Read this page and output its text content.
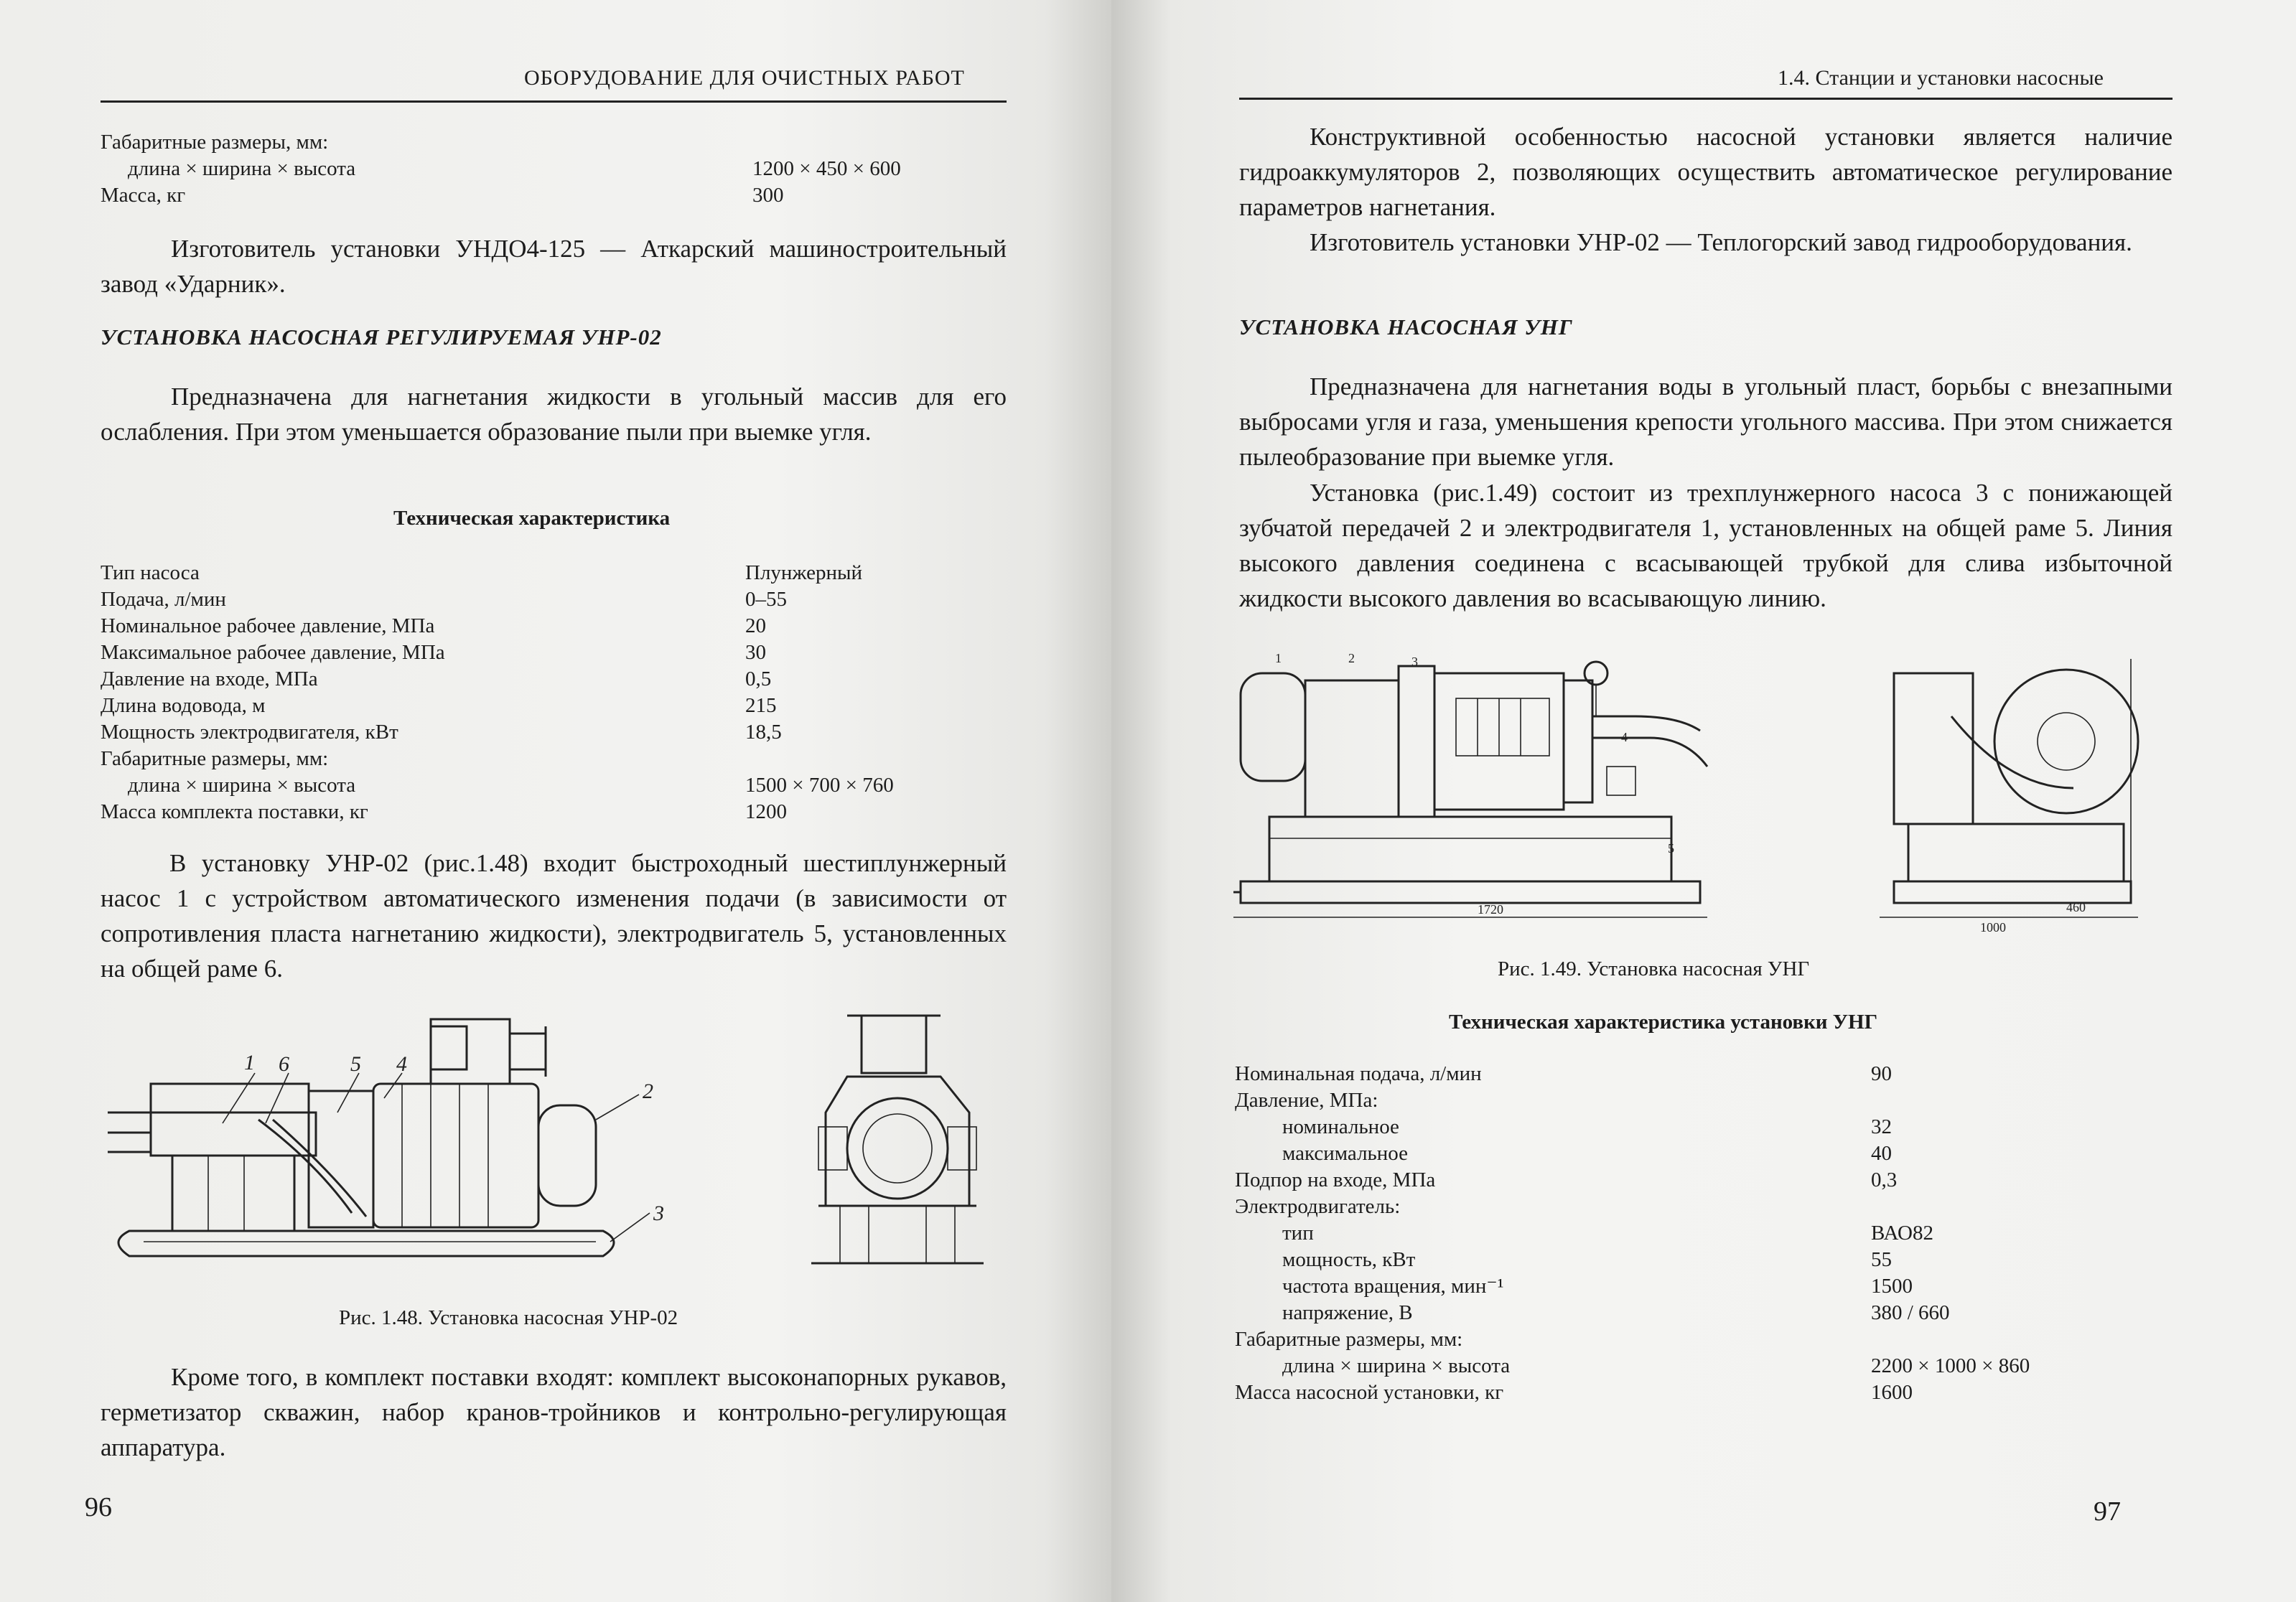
ОБОРУДОВАНИЕ ДЛЯ ОЧИСТНЫХ РАБОТ
Габаритные размеры, мм:
длина × ширина × высота	1200 × 450 × 600
Масса, кг	300

Изготовитель установки УНДО4-125 — Аткарский машиностроительный завод «Ударник».

УСТАНОВКА НАСОСНАЯ РЕГУЛИРУЕМАЯ УНР-02

Предназначена для нагнетания жидкости в угольный массив для его ослабления. При этом уменьшается образование пыли при выемке угля.

Техническая характеристика
Тип насоса	Плунжерный
Подача, л/мин	0–55
Номинальное рабочее давление, МПа	20
Максимальное рабочее давление, МПа	30
Давление на входе, МПа	0,5
Длина водовода, м	215
Мощность электродвигателя, кВт	18,5
Габаритные размеры, мм:
длина × ширина × высота	1500 × 700 × 760
Масса комплекта поставки, кг	1200

В установку УНР-02 (рис.1.48) входит быстроходный шестиплунжерный насос 1 с устройством автоматического изменения подачи (в зависимости от сопротивления пласта нагнетанию жидкости), электродвигатель 5, установленных на общей раме 6.

1 6	5 4
2
3
Рис. 1.48. Установка насосная УНР-02

Кроме того, в комплект поставки входят: комплект высоконапорных рукавов, герметизатор скважин, набор кранов-тройников и контрольно-регулирующая аппаратура.

96
1.4. Станции и установки насосные

Конструктивной особенностью насосной установки является наличие гидроаккумуляторов 2, позволяющих осуществить автоматическое регулирование параметров нагнетания.

Изготовитель установки УНР-02 — Теплогорский завод гидрооборудования.

УСТАНОВКА НАСОСНАЯ УНГ

Предназначена для нагнетания воды в угольный пласт, борьбы с внезапными выбросами угля и газа, уменьшения крепости угольного массива. При этом снижается пылеобразование при выемке угля.

Установка (рис.1.49) состоит из трехплунжерного насоса 3 с понижающей зубчатой передачей 2 и электродвигателя 1, установленных на общей раме 5. Линия высокого давления соединена с всасывающей трубкой для слива избыточной жидкости высокого давления во всасывающую линию.

1	2	3
4
5
1720
1000
460
Рис. 1.49. Установка насосная УНГ
Техническая характеристика установки УНГ
Номинальная подача, л/мин	90
Давление, МПа:
номинальное	32
максимальное	40
Подпор на входе, МПа	0,3
Электродвигатель:
тип	ВАО82
мощность, кВт	55
частота вращения, мин⁻¹	1500
напряжение, В	380 / 660
Габаритные размеры, мм:
длина × ширина × высота	2200 × 1000 × 860
Масса насосной установки, кг	1600
97
